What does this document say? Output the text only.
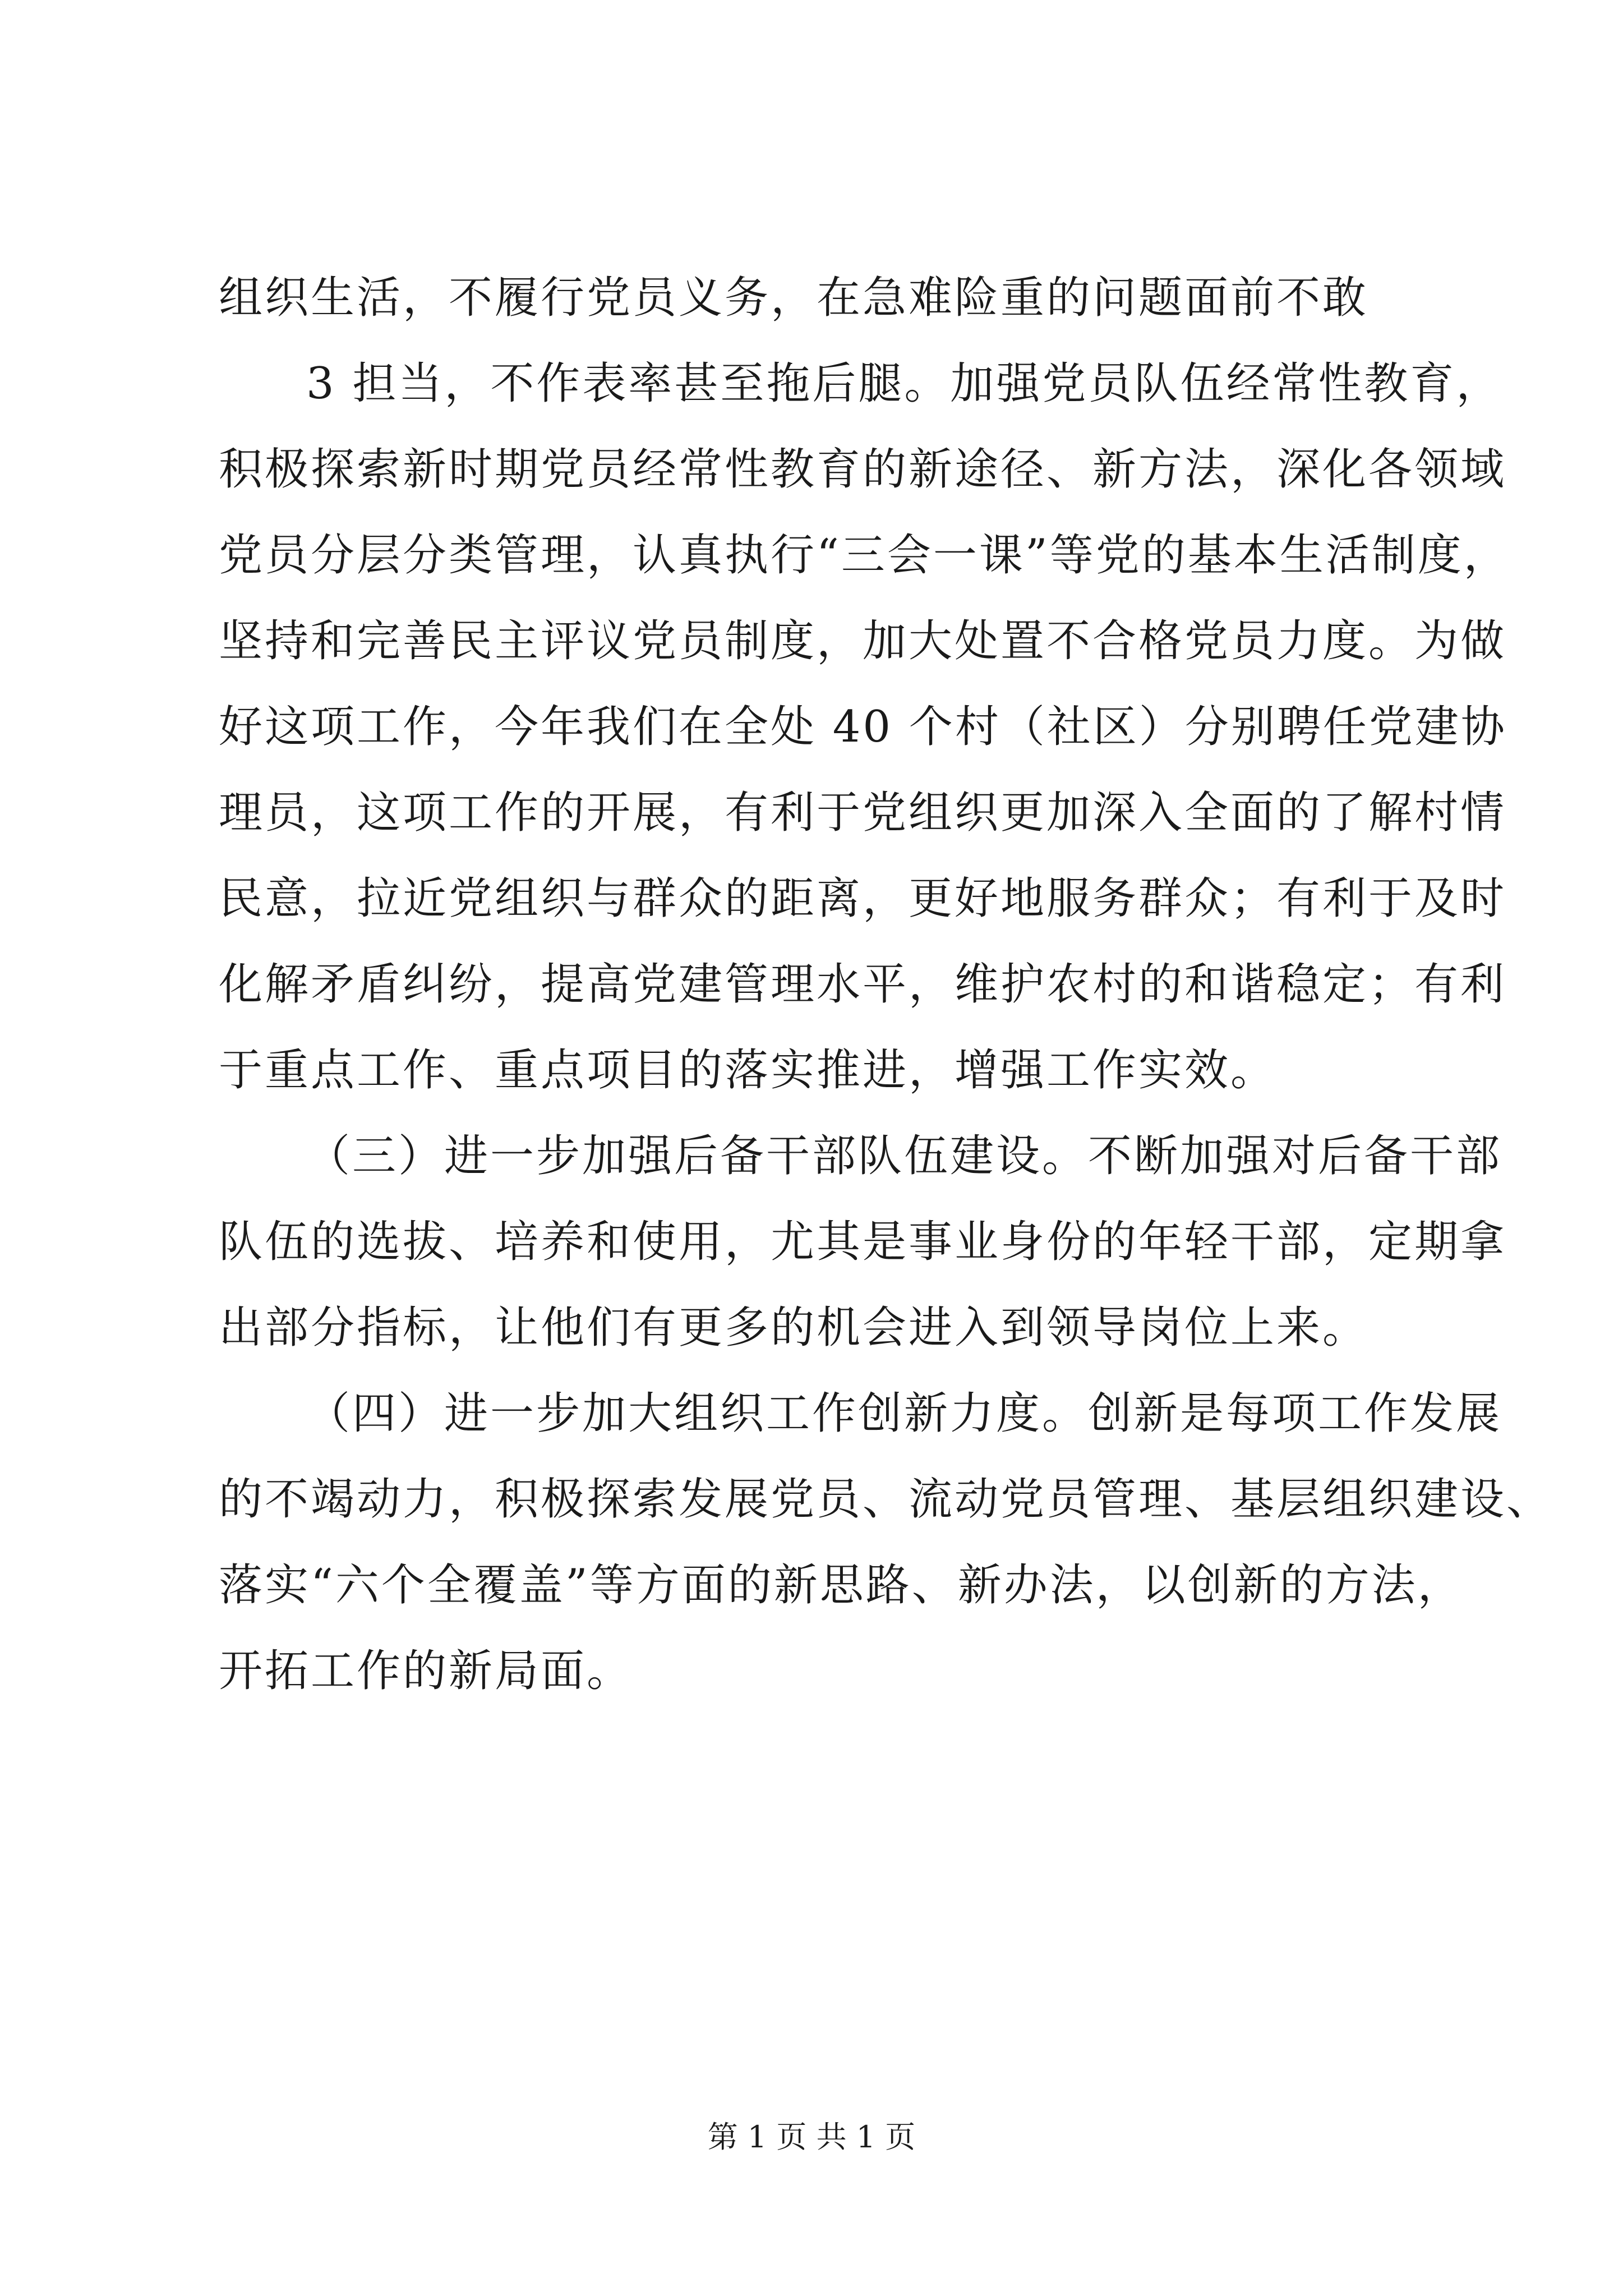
组织生活，不履行党员义务，在急难险重的问题面前不敢
3 担当，不作表率甚至拖后腿。加强党员队伍经常性教育，
积极探索新时期党员经常性教育的新途径、新方法，深化各领域
党员分层分类管理，认真执行“三会一课”等党的基本生活制度，
坚持和完善民主评议党员制度，加大处置不合格党员力度。为做
好这项工作，今年我们在全处 40 个村（社区）分别聘任党建协
理员，这项工作的开展，有利于党组织更加深入全面的了解村情
民意，拉近党组织与群众的距离，更好地服务群众；有利于及时
化解矛盾纠纷，提高党建管理水平，维护农村的和谐稳定；有利
于重点工作、重点项目的落实推进，增强工作实效。
（三）进一步加强后备干部队伍建设。不断加强对后备干部
队伍的选拔、培养和使用，尤其是事业身份的年轻干部，定期拿
出部分指标，让他们有更多的机会进入到领导岗位上来。
（四）进一步加大组织工作创新力度。创新是每项工作发展
的不竭动力，积极探索发展党员、流动党员管理、基层组织建设、
落实“六个全覆盖”等方面的新思路、新办法，以创新的方法，
开拓工作的新局面。
第 1 页 共 1 页
